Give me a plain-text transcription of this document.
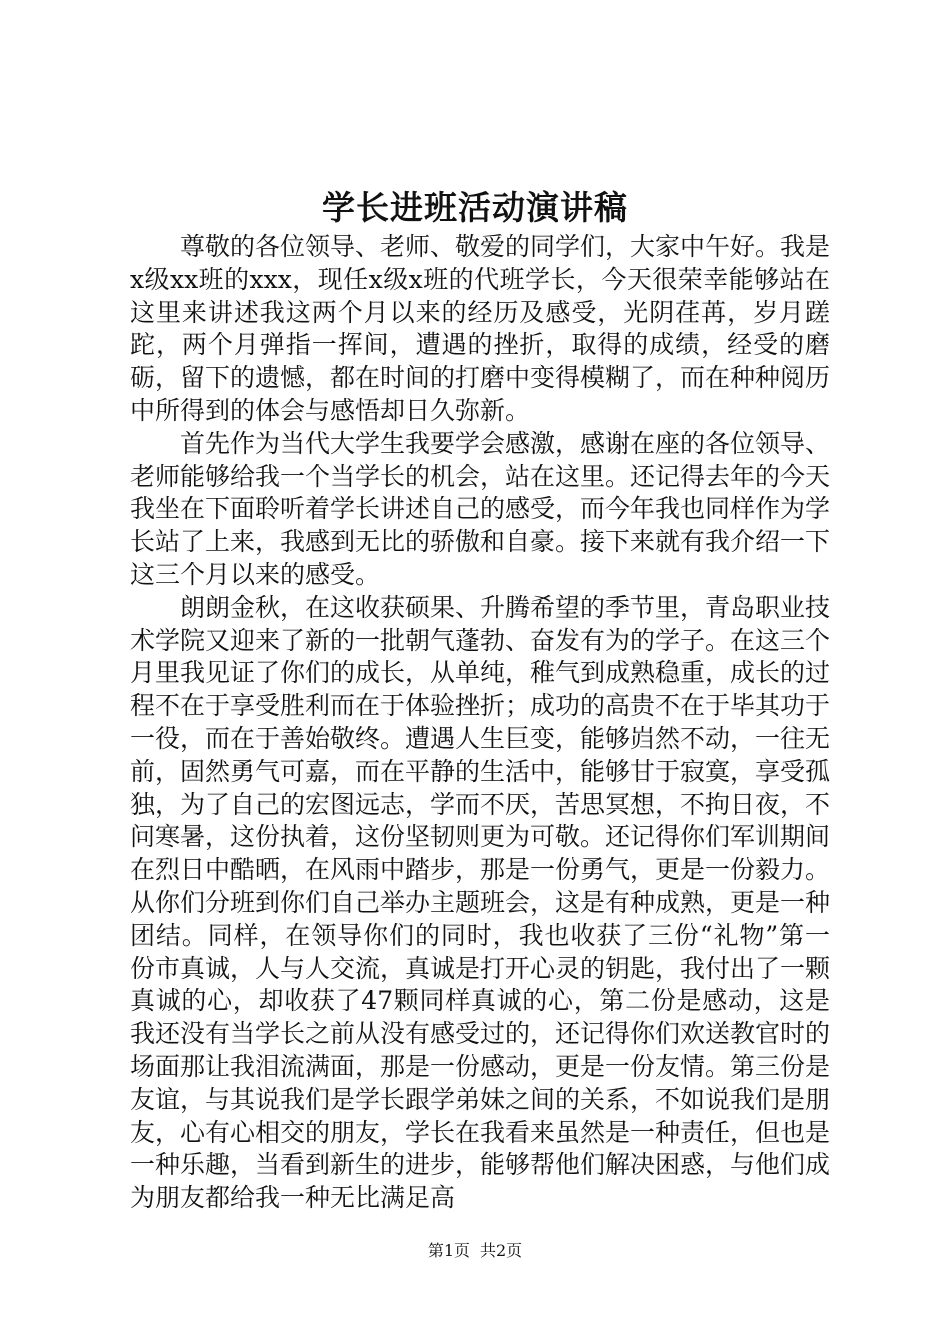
学长进班活动演讲稿

尊敬的各位领导、老师、敬爱的同学们，大家中午好。我是x级xx班的xxx，现任x级x班的代班学长，今天很荣幸能够站在这里来讲述我这两个月以来的经历及感受，光阴荏苒，岁月蹉跎，两个月弹指一挥间，遭遇的挫折，取得的成绩，经受的磨砺，留下的遗憾，都在时间的打磨中变得模糊了，而在种种阅历中所得到的体会与感悟却日久弥新。

首先作为当代大学生我要学会感激，感谢在座的各位领导、老师能够给我一个当学长的机会，站在这里。还记得去年的今天我坐在下面聆听着学长讲述自己的感受，而今年我也同样作为学长站了上来，我感到无比的骄傲和自豪。接下来就有我介绍一下这三个月以来的感受。

朗朗金秋，在这收获硕果、升腾希望的季节里，青岛职业技术学院又迎来了新的一批朝气蓬勃、奋发有为的学子。在这三个月里我见证了你们的成长，从单纯，稚气到成熟稳重，成长的过程不在于享受胜利而在于体验挫折；成功的高贵不在于毕其功于一役，而在于善始敬终。遭遇人生巨变，能够岿然不动，一往无前，固然勇气可嘉，而在平静的生活中，能够甘于寂寞，享受孤独，为了自己的宏图远志，学而不厌，苦思冥想，不拘日夜，不问寒暑，这份执着，这份坚韧则更为可敬。还记得你们军训期间在烈日中酷晒，在风雨中踏步，那是一份勇气，更是一份毅力。从你们分班到你们自己举办主题班会，这是有种成熟，更是一种团结。同样，在领导你们的同时，我也收获了三份“礼物”第一份市真诚，人与人交流，真诚是打开心灵的钥匙，我付出了一颗真诚的心，却收获了47颗同样真诚的心，第二份是感动，这是我还没有当学长之前从没有感受过的，还记得你们欢送教官时的场面那让我泪流满面，那是一份感动，更是一份友情。第三份是友谊，与其说我们是学长跟学弟妹之间的关系，不如说我们是朋友，心有心相交的朋友，学长在我看来虽然是一种责任，但也是一种乐趣，当看到新生的进步，能够帮他们解决困惑，与他们成为朋友都给我一种无比满足高

第1页 共2页
